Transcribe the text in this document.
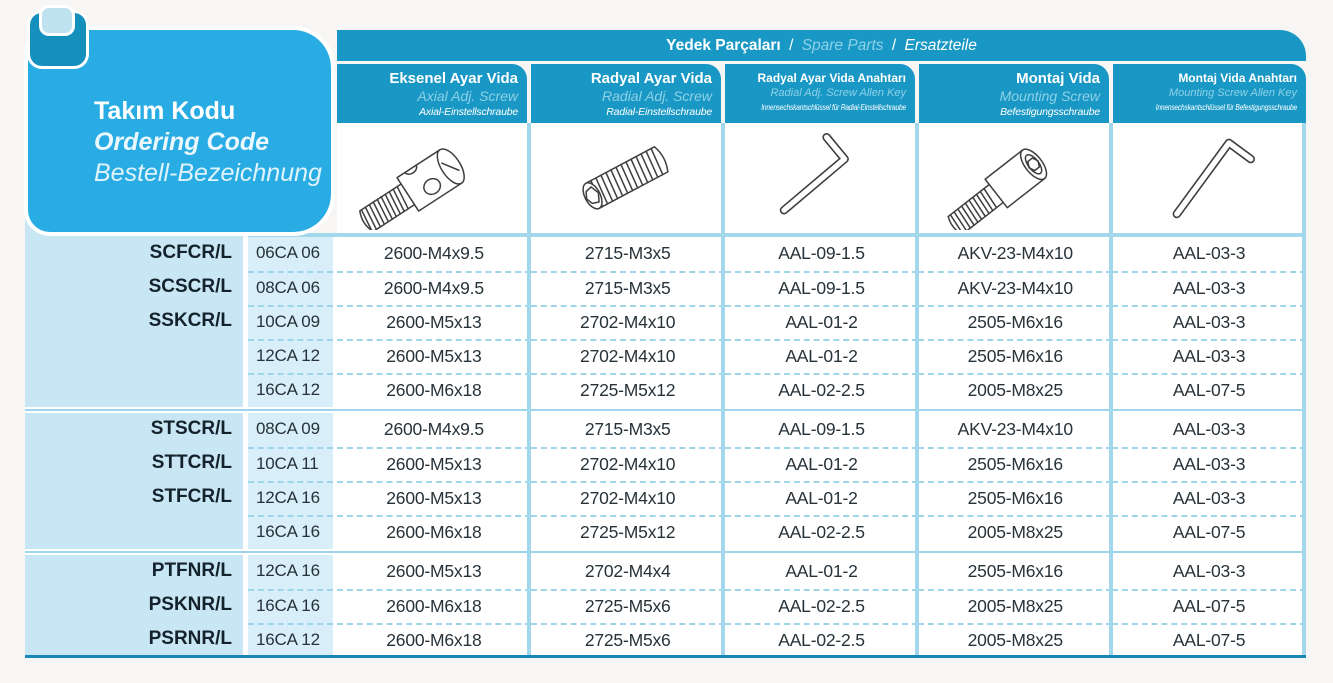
Takım Kodu
Ordering Code
Bestell-Bezeichnung
Yedek Parçaları / Spare Parts / Ersatzteile
Eksenel Ayar Vida
Axial Adj. Screw
Axial-Einstellschraube
Radyal Ayar Vida
Radial Adj. Screw
Radial-Einstellschraube
Radyal Ayar Vida Anahtarı
Radial Adj. Screw Allen Key
Innensechskantschlüssel für Radial-Einstellschraube
Montaj Vida
Mounting Screw
Befestigungsschraube
Montaj Vida Anahtarı
Mounting Screw Allen Key
Innensechskantschlüssel für Befestigungsschraube
SCFCR/L	06CA 06	2600-M4x9.5	2715-M3x5	AAL-09-1.5	AKV-23-M4x10	AAL-03-3
SCSCR/L	08CA 06	2600-M4x9.5	2715-M3x5	AAL-09-1.5	AKV-23-M4x10	AAL-03-3
SSKCR/L	10CA 09	2600-M5x13	2702-M4x10	AAL-01-2	2505-M6x16	AAL-03-3
12CA 12	2600-M5x13	2702-M4x10	AAL-01-2	2505-M6x16	AAL-03-3
16CA 12	2600-M6x18	2725-M5x12	AAL-02-2.5	2005-M8x25	AAL-07-5
STSCR/L	08CA 09	2600-M4x9.5	2715-M3x5	AAL-09-1.5	AKV-23-M4x10	AAL-03-3
STTCR/L	10CA 11	2600-M5x13	2702-M4x10	AAL-01-2	2505-M6x16	AAL-03-3
STFCR/L	12CA 16	2600-M5x13	2702-M4x10	AAL-01-2	2505-M6x16	AAL-03-3
16CA 16	2600-M6x18	2725-M5x12	AAL-02-2.5	2005-M8x25	AAL-07-5
PTFNR/L	12CA 16	2600-M5x13	2702-M4x4	AAL-01-2	2505-M6x16	AAL-03-3
PSKNR/L	16CA 16	2600-M6x18	2725-M5x6	AAL-02-2.5	2005-M8x25	AAL-07-5
PSRNR/L	16CA 12	2600-M6x18	2725-M5x6	AAL-02-2.5	2005-M8x25	AAL-07-5
